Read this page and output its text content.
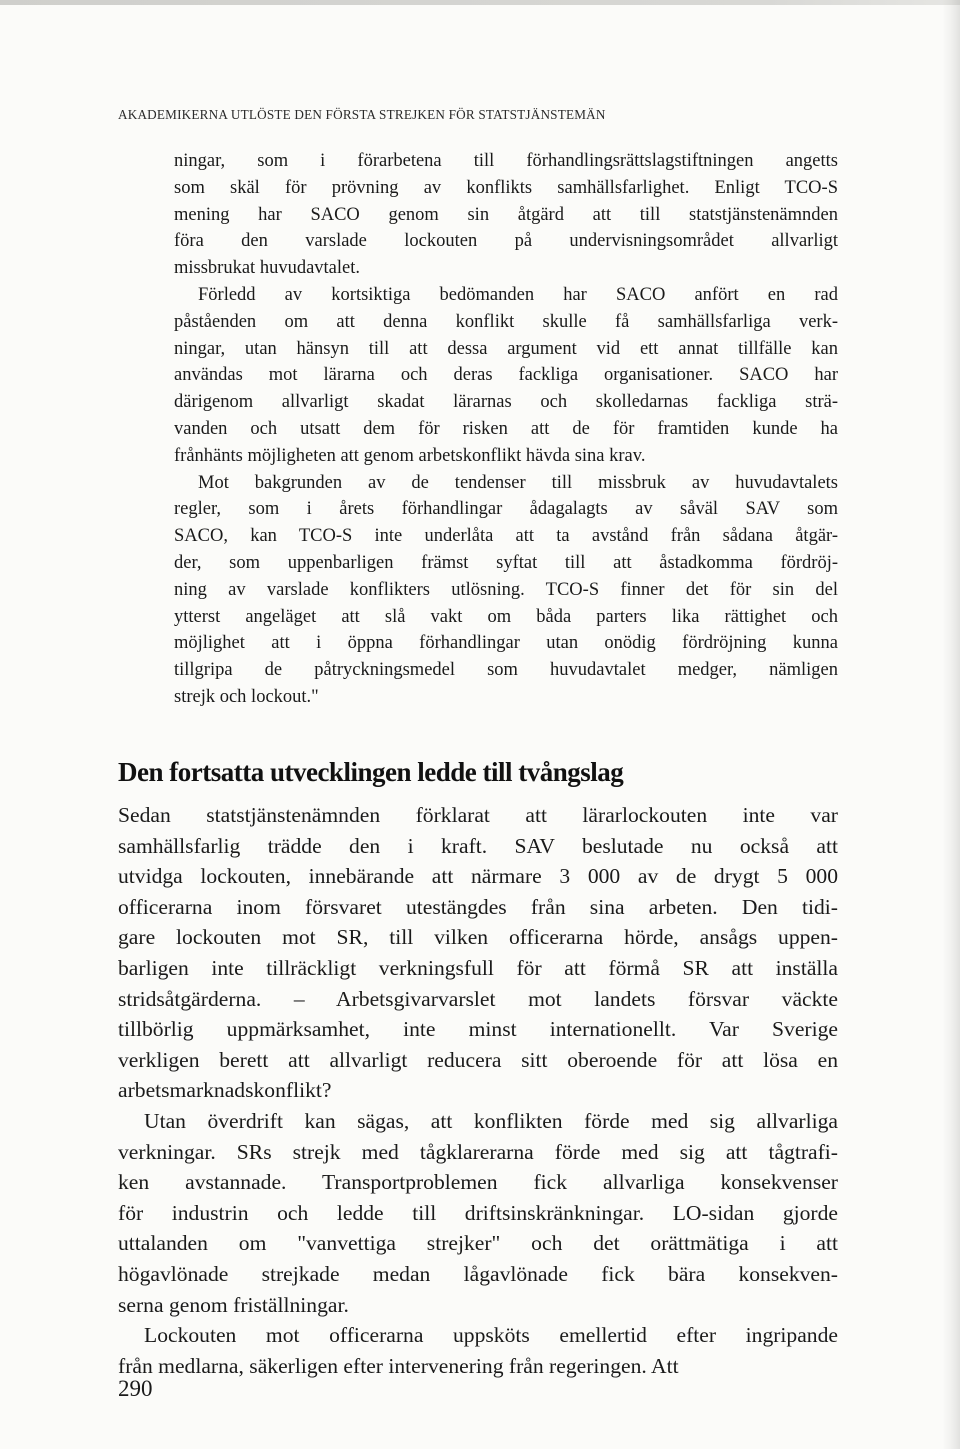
AKADEMIKERNA UTLÖSTE DEN FÖRSTA STREJKEN FÖR STATSTJÄNSTEMÄN
ningar, som i förarbetena till förhandlingsrättslagstiftningen angetts
som skäl för prövning av konflikts samhällsfarlighet. Enligt TCO-S
mening har SACO genom sin åtgärd att till statstjänstenämnden
föra den varslade lockouten på undervisningsområdet allvarligt
missbrukat huvudavtalet.
Förledd av kortsiktiga bedömanden har SACO anfört en rad
påståenden om att denna konflikt skulle få samhällsfarliga verk-
ningar, utan hänsyn till att dessa argument vid ett annat tillfälle kan
användas mot lärarna och deras fackliga organisationer. SACO har
därigenom allvarligt skadat lärarnas och skolledarnas fackliga strä-
vanden och utsatt dem för risken att de för framtiden kunde ha
frånhänts möjligheten att genom arbetskonflikt hävda sina krav.
Mot bakgrunden av de tendenser till missbruk av huvudavtalets
regler, som i årets förhandlingar ådagalagts av såväl SAV som
SACO, kan TCO-S inte underlåta att ta avstånd från sådana åtgär-
der, som uppenbarligen främst syftat till att åstadkomma fördröj-
ning av varslade konflikters utlösning. TCO-S finner det för sin del
ytterst angeläget att slå vakt om båda parters lika rättighet och
möjlighet att i öppna förhandlingar utan onödig fördröjning kunna
tillgripa de påtryckningsmedel som huvudavtalet medger, nämligen
strejk och lockout."
Den fortsatta utvecklingen ledde till tvångslag
Sedan statstjänstenämnden förklarat att lärarlockouten inte var
samhällsfarlig trädde den i kraft. SAV beslutade nu också att
utvidga lockouten, innebärande att närmare 3 000 av de drygt 5 000
officerarna inom försvaret utestängdes från sina arbeten. Den tidi-
gare lockouten mot SR, till vilken officerarna hörde, ansågs uppen-
barligen inte tillräckligt verkningsfull för att förmå SR att inställa
stridsåtgärderna. – Arbetsgivarvarslet mot landets försvar väckte
tillbörlig uppmärksamhet, inte minst internationellt. Var Sverige
verkligen berett att allvarligt reducera sitt oberoende för att lösa en
arbetsmarknadskonflikt?
Utan överdrift kan sägas, att konflikten förde med sig allvarliga
verkningar. SRs strejk med tågklarerarna förde med sig att tågtrafi-
ken avstannade. Transportproblemen fick allvarliga konsekvenser
för industrin och ledde till driftsinskränkningar. LO-sidan gjorde
uttalanden om "vanvettiga strejker" och det orättmätiga i att
högavlönade strejkade medan lågavlönade fick bära konsekven-
serna genom friställningar.
Lockouten mot officerarna uppsköts emellertid efter ingripande
från medlarna, säkerligen efter intervenering från regeringen. Att
290
